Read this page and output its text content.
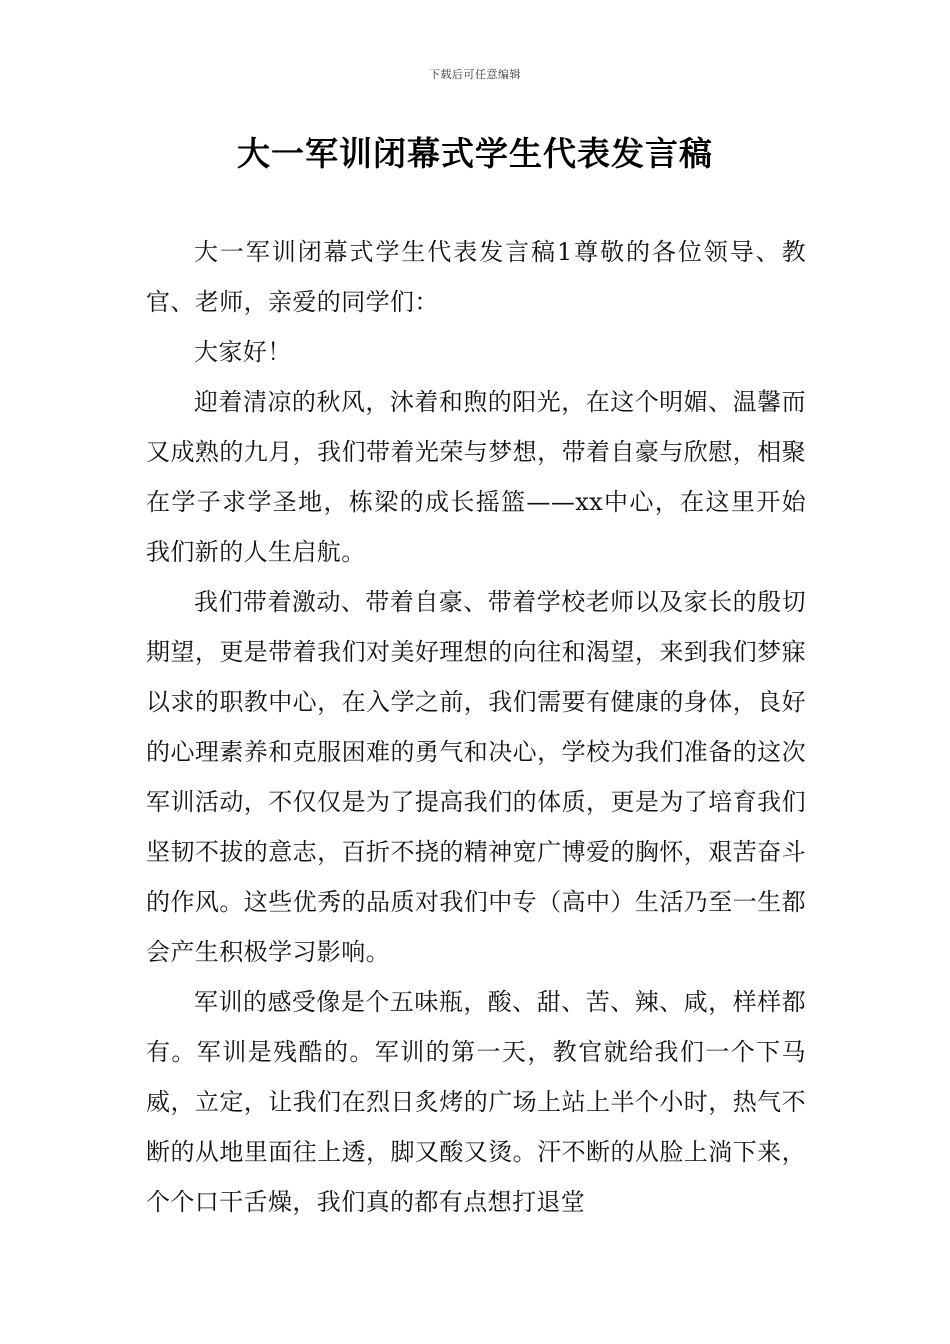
下载后可任意编辑
大一军训闭幕式学生代表发言稿

大一军训闭幕式学生代表发言稿1尊敬的各位领导、教官、老师，亲爱的同学们：

大家好！

迎着清凉的秋风，沐着和煦的阳光，在这个明媚、温馨而又成熟的九月，我们带着光荣与梦想，带着自豪与欣慰，相聚在学子求学圣地，栋梁的成长摇篮——xx中心，在这里开始我们新的人生启航。

我们带着激动、带着自豪、带着学校老师以及家长的殷切期望，更是带着我们对美好理想的向往和渴望，来到我们梦寐以求的职教中心，在入学之前，我们需要有健康的身体，良好的心理素养和克服困难的勇气和决心，学校为我们准备的这次军训活动，不仅仅是为了提高我们的体质，更是为了培育我们坚韧不拔的意志，百折不挠的精神宽广博爱的胸怀，艰苦奋斗的作风。这些优秀的品质对我们中专（高中）生活乃至一生都会产生积极学习影响。

军训的感受像是个五味瓶，酸、甜、苦、辣、咸，样样都有。军训是残酷的。军训的第一天，教官就给我们一个下马威，立定，让我们在烈日炙烤的广场上站上半个小时，热气不断的从地里面往上透，脚又酸又烫。汗不断的从脸上淌下来，个个口干舌燥，我们真的都有点想打退堂
